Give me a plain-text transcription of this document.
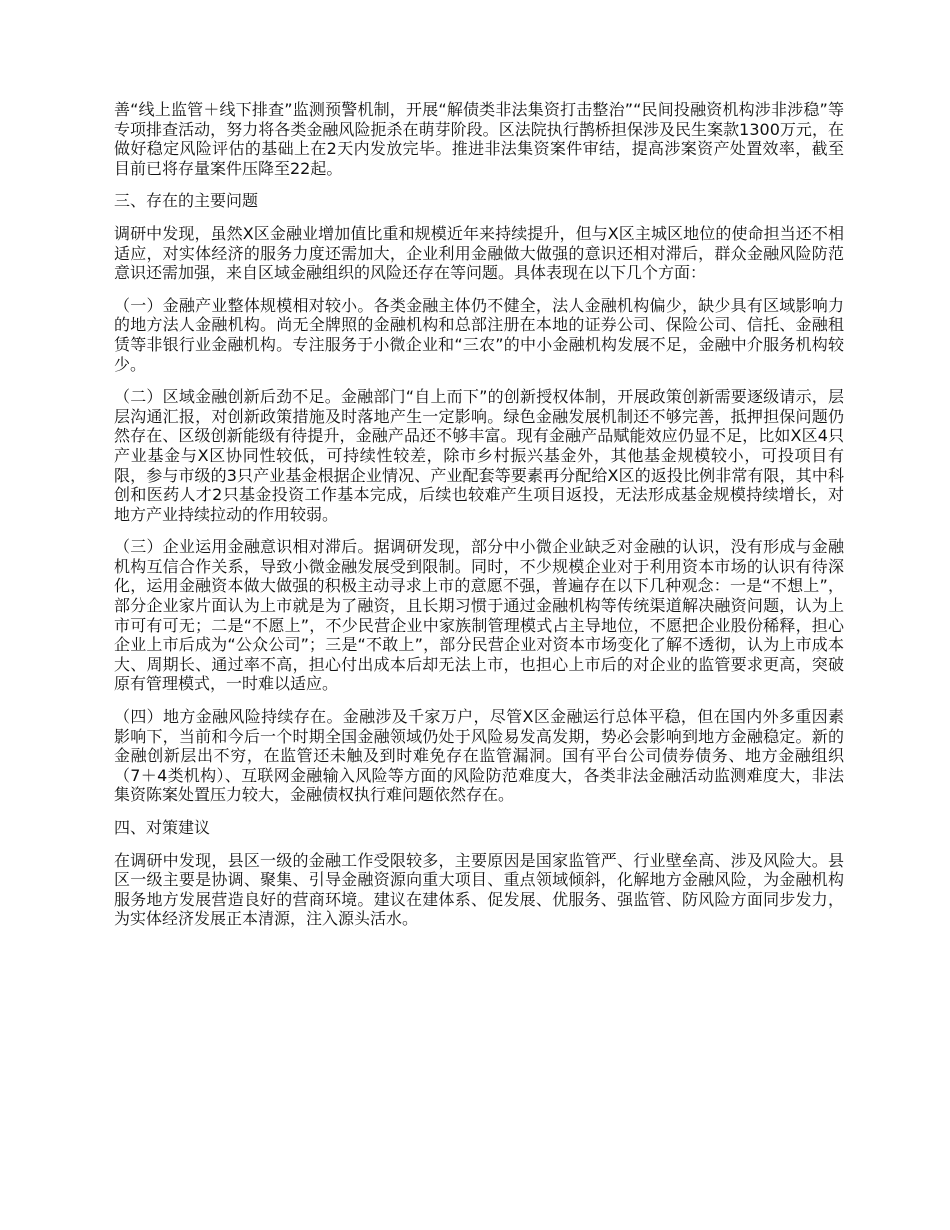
善“线上监管＋线下排查”监测预警机制，开展“解债类非法集资打击整治”“民间投融资机构涉非涉稳”等专项排查活动，努力将各类金融风险扼杀在萌芽阶段。区法院执行鹊桥担保涉及民生案款1300万元，在做好稳定风险评估的基础上在2天内发放完毕。推进非法集资案件审结，提高涉案资产处置效率，截至目前已将存量案件压降至22起。

三、存在的主要问题

调研中发现，虽然X区金融业增加值比重和规模近年来持续提升，但与X区主城区地位的使命担当还不相适应，对实体经济的服务力度还需加大，企业利用金融做大做强的意识还相对滞后，群众金融风险防范意识还需加强，来自区域金融组织的风险还存在等问题。具体表现在以下几个方面：

（一）金融产业整体规模相对较小。各类金融主体仍不健全，法人金融机构偏少，缺少具有区域影响力的地方法人金融机构。尚无全牌照的金融机构和总部注册在本地的证券公司、保险公司、信托、金融租赁等非银行业金融机构。专注服务于小微企业和“三农”的中小金融机构发展不足，金融中介服务机构较少。

（二）区域金融创新后劲不足。金融部门“自上而下”的创新授权体制，开展政策创新需要逐级请示，层层沟通汇报，对创新政策措施及时落地产生一定影响。绿色金融发展机制还不够完善，抵押担保问题仍然存在、区级创新能级有待提升，金融产品还不够丰富。现有金融产品赋能效应仍显不足，比如X区4只产业基金与X区协同性较低，可持续性较差，除市乡村振兴基金外，其他基金规模较小，可投项目有限，参与市级的3只产业基金根据企业情况、产业配套等要素再分配给X区的返投比例非常有限，其中科创和医药人才2只基金投资工作基本完成，后续也较难产生项目返投，无法形成基金规模持续增长，对地方产业持续拉动的作用较弱。

（三）企业运用金融意识相对滞后。据调研发现，部分中小微企业缺乏对金融的认识，没有形成与金融机构互信合作关系，导致小微金融发展受到限制。同时，不少规模企业对于利用资本市场的认识有待深化，运用金融资本做大做强的积极主动寻求上市的意愿不强，普遍存在以下几种观念：一是“不想上”，部分企业家片面认为上市就是为了融资，且长期习惯于通过金融机构等传统渠道解决融资问题，认为上市可有可无；二是“不愿上”，不少民营企业中家族制管理模式占主导地位，不愿把企业股份稀释，担心企业上市后成为“公众公司”；三是“不敢上”，部分民营企业对资本市场变化了解不透彻，认为上市成本大、周期长、通过率不高，担心付出成本后却无法上市，也担心上市后的对企业的监管要求更高，突破原有管理模式，一时难以适应。

（四）地方金融风险持续存在。金融涉及千家万户，尽管X区金融运行总体平稳，但在国内外多重因素影响下，当前和今后一个时期全国金融领域仍处于风险易发高发期，势必会影响到地方金融稳定。新的金融创新层出不穷，在监管还未触及到时难免存在监管漏洞。国有平台公司债券债务、地方金融组织（7＋4类机构）、互联网金融输入风险等方面的风险防范难度大，各类非法金融活动监测难度大，非法集资陈案处置压力较大，金融债权执行难问题依然存在。

四、对策建议

在调研中发现，县区一级的金融工作受限较多，主要原因是国家监管严、行业壁垒高、涉及风险大。县区一级主要是协调、聚集、引导金融资源向重大项目、重点领域倾斜，化解地方金融风险，为金融机构服务地方发展营造良好的营商环境。建议在建体系、促发展、优服务、强监管、防风险方面同步发力，为实体经济发展正本清源，注入源头活水。
